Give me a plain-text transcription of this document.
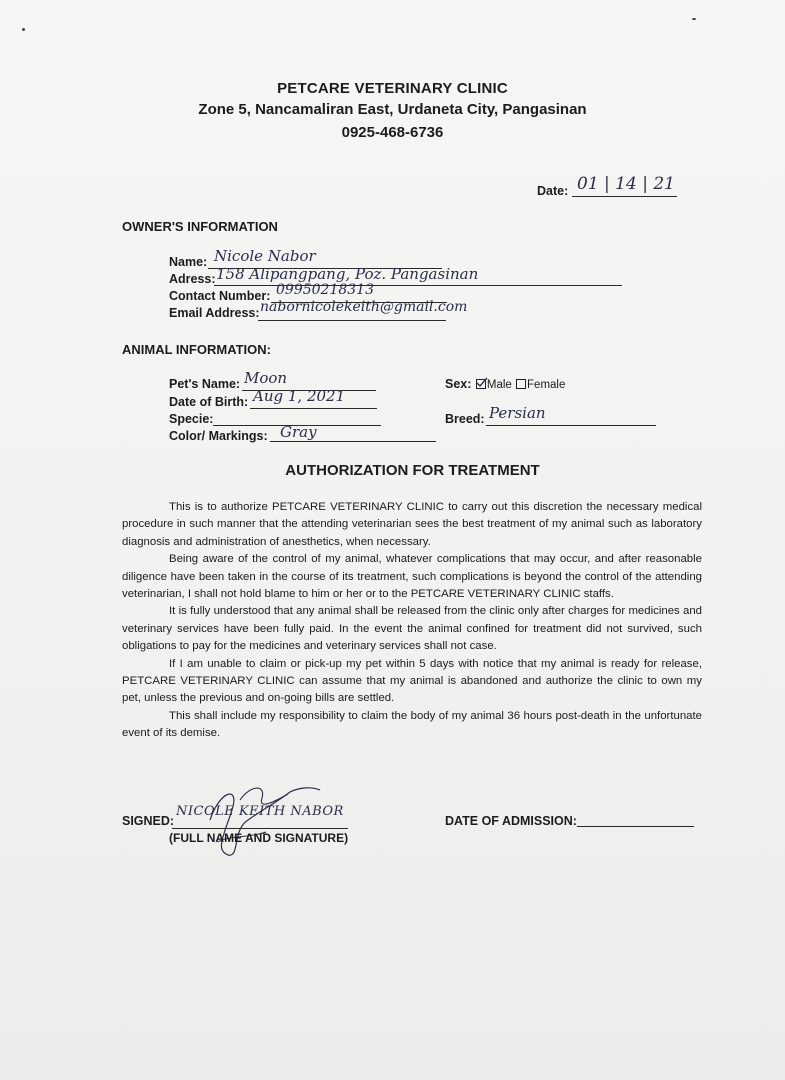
PETCARE VETERINARY CLINIC
Zone 5, Nancamaliran East, Urdaneta City, Pangasinan
0925-468-6736
Date: 01 | 14 | 21
OWNER'S INFORMATION
Name: Nicole Nabor
Adress: 158 Alipangpang, Poz. Pangasinan
Contact Number: 09950218313
Email Address: nabornicolekeith@gmail.com
ANIMAL INFORMATION:
Pet's Name: Moon
Date of Birth: Aug 1, 2021
Specie:
Color/ Markings: Gray
Sex: Male Female
Breed: Persian
AUTHORIZATION FOR TREATMENT

This is to authorize PETCARE VETERINARY CLINIC to carry out this discretion the necessary medical procedure in such manner that the attending veterinarian sees the best treatment of my animal such as laboratory diagnosis and administration of anesthetics, when necessary.

Being aware of the control of my animal, whatever complications that may occur, and after reasonable diligence have been taken in the course of its treatment, such complications is beyond the control of the attending veterinarian, I shall not hold blame to him or her or to the PETCARE VETERINARY CLINIC staffs.

It is fully understood that any animal shall be released from the clinic only after charges for medicines and veterinary services have been fully paid. In the event the animal confined for treatment did not survived, such obligations to pay for the medicines and veterinary services shall not case.

If I am unable to claim or pick-up my pet within 5 days with notice that my animal is ready for release, PETCARE VETERINARY CLINIC can assume that my animal is abandoned and authorize the clinic to own my pet, unless the previous and on-going bills are settled.

This shall include my responsibility to claim the body of my animal 36 hours post-death in the unfortunate event of its demise.

SIGNED:
NICOLE KEITH NABOR
(FULL NAME AND SIGNATURE)
DATE OF ADMISSION:
